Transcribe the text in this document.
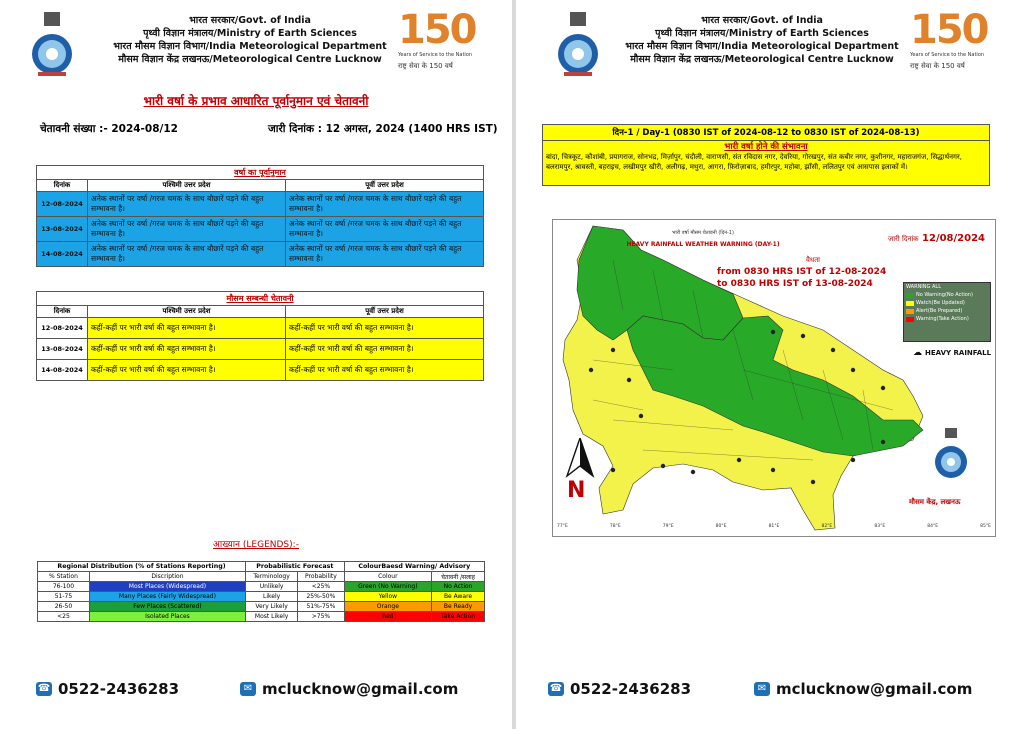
भारत सरकार/Govt. of India
पृथ्वी विज्ञान मंत्रालय/Ministry of Earth Sciences
भारत मौसम विज्ञान विभाग/India Meteorological Department
मौसम विज्ञान केंद्र लखनऊ/Meteorological Centre Lucknow
150
Years of Service to the Nation
राष्ट्र सेवा के 150 वर्ष
भारी वर्षा के प्रभाव आधारित पूर्वानुमान एवं चेतावनी
चेतावनी संख्या :- 2024-08/12	जारी दिनांक : 12 अगस्त, 2024 (1400 HRS IST)
वर्षा का पूर्वानुमान		
दिनांक	पश्चिमी उत्तर प्रदेश	पूर्वी उत्तर प्रदेश
12-08-2024	अनेक स्थानों पर वर्षा /गरज चमक के साथ बौछारें पड़ने की बहुत सम्भावना है।	अनेक स्थानों पर वर्षा /गरज चमक के साथ बौछारें पड़ने की बहुत सम्भावना है।
13-08-2024	अनेक स्थानों पर वर्षा /गरज चमक के साथ बौछारें पड़ने की बहुत सम्भावना है।	अनेक स्थानों पर वर्षा /गरज चमक के साथ बौछारें पड़ने की बहुत सम्भावना है।
14-08-2024	अनेक स्थानों पर वर्षा /गरज चमक के साथ बौछारें पड़ने की बहुत सम्भावना है।	अनेक स्थानों पर वर्षा /गरज चमक के साथ बौछारें पड़ने की बहुत सम्भावना है।
मौसम सम्बन्धी चेतावनी		
दिनांक	पश्चिमी उत्तर प्रदेश	पूर्वी उत्तर प्रदेश
12-08-2024	कहीं-कहीं पर भारी वर्षा की बहुत सम्भावना है।	कहीं-कहीं पर भारी वर्षा की बहुत सम्भावना है।
13-08-2024	कहीं-कहीं पर भारी वर्षा की बहुत सम्भावना है।	कहीं-कहीं पर भारी वर्षा की बहुत सम्भावना है।
14-08-2024	कहीं-कहीं पर भारी वर्षा की बहुत सम्भावना है।	कहीं-कहीं पर भारी वर्षा की बहुत सम्भावना है।
आख्यान (LEGENDS):-
Regional Distribution (% of Stations Reporting)		Probabilistic Forecast		ColourBaesd Warning/ Advisory	
% Station	Discription	Terminology	Probability	Colour	चेतावनी /सलाह
76-100	Most Places (Widespread)	Unlikely	<25%	Green (No Warning)	No Action
51-75	Many Places (Fairly Widespread)	Likely	25%-50%	Yellow	Be Aware
26-50	Few Places (Scattered)	Very Likely	51%-75%	Orange	Be Ready
<25	Isolated Places	Most Likely	>75%	Red	Take Action
☎ 0522-2436283	✉ mclucknow@gmail.com
भारत सरकार/Govt. of India
पृथ्वी विज्ञान मंत्रालय/Ministry of Earth Sciences
भारत मौसम विज्ञान विभाग/India Meteorological Department
मौसम विज्ञान केंद्र लखनऊ/Meteorological Centre Lucknow
150
Years of Service to the Nation
राष्ट्र सेवा के 150 वर्ष
दिन-1 / Day-1 (0830 IST of 2024-08-12 to 0830 IST of 2024-08-13)
भारी वर्षा होने की संभावना
बांदा, चित्रकूट, कौशांबी, प्रयागराज, सोनभद्र, मिर्ज़ापुर, चंदौली, वाराणसी, संत रविदास नगर, देवरिया, गोरखपुर, संत कबीर नगर, कुशीनगर, महाराजगंज, सिद्धार्थनगर, बलरामपुर, श्रावस्ती, बहराइच, लखीमपुर खीरी, अलीगढ़, मथुरा, आगरा, फ़िरोज़ाबाद, हमीरपुर, महोबा, झाँसी, ललितपुर एवं आसपास इलाकों में।
भारी वर्षा मौसम चेतावनी (दिन-1)
HEAVY RAINFALL WEATHER WARNING (DAY-1)
जारी दिनांक 12/08/2024
वैधता
from 0830 HRS IST of 12-08-2024
to 0830 HRS IST of 13-08-2024	WARNING ALL
No Warning(No Action)
Watch(Be Updated)
Alert(Be Prepared)
Warning(Take Action)
☁ HEAVY RAINFALL
N	मौसम केंद्र, लखनऊ
77°E	78°E	79°E	80°E	81°E	82°E	83°E	84°E	85°E
☎ 0522-2436283	✉ mclucknow@gmail.com
